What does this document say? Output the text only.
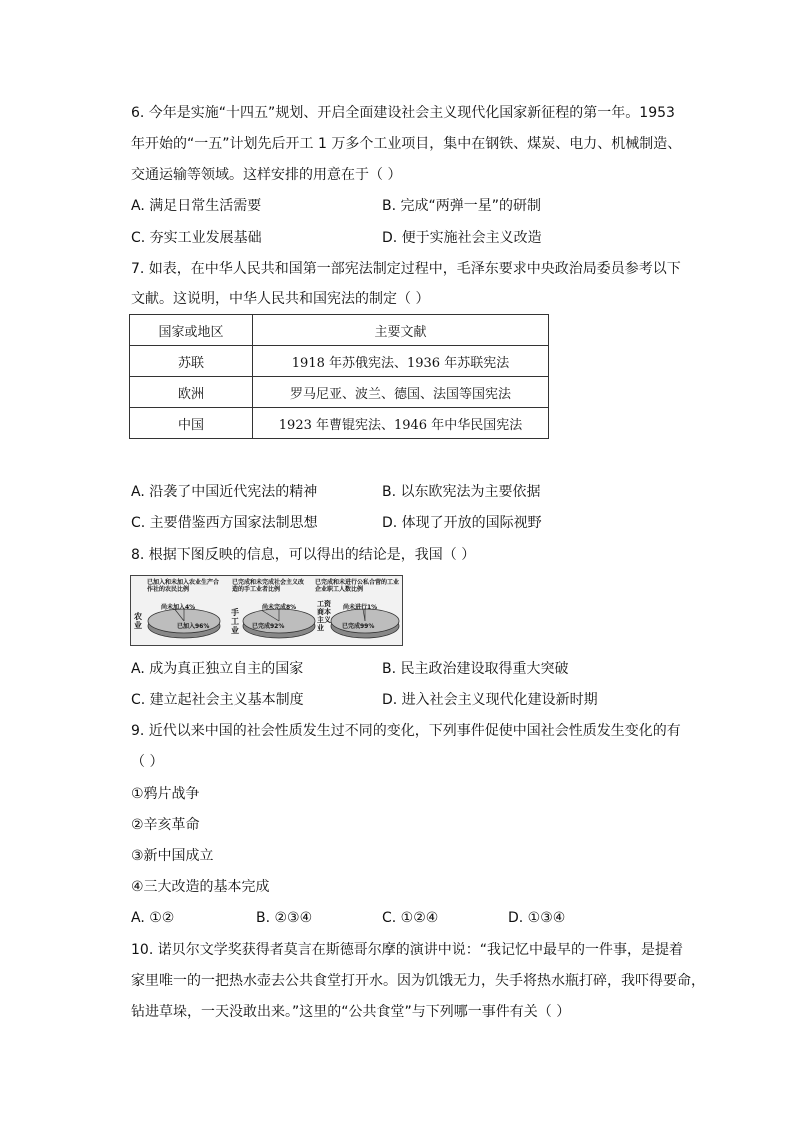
6. 今年是实施“十四五”规划、开启全面建设社会主义现代化国家新征程的第一年。1953
年开始的“一五”计划先后开工 1 万多个工业项目，集中在钢铁、煤炭、电力、机械制造、
交通运输等领域。这样安排的用意在于（ ）
A. 满足日常生活需要	B. 完成“两弹一星”的研制
C. 夯实工业发展基础	D. 便于实施社会主义改造
7. 如表，在中华人民共和国第一部宪法制定过程中，毛泽东要求中央政治局委员参考以下
文献。这说明，中华人民共和国宪法的制定（ ）
国家或地区	主要文献
苏联	1918 年苏俄宪法、1936 年苏联宪法
欧洲	罗马尼亚、波兰、德国、法国等国宪法
中国	1923 年曹锟宪法、1946 年中华民国宪法
A. 沿袭了中国近代宪法的精神	B. 以东欧宪法为主要依据
C. 主要借鉴西方国家法制思想	D. 体现了开放的国际视野
8. 根据下图反映的信息，可以得出的结论是，我国（ ）
已加入和未加入农业生产合作社的农民比例
农业
尚未加入4%
已加入96%
已完成和未完成社会主义改造的手工业者比例
手工业
尚未完成8%
已完成92%
已完成和未进行公私合营的工业企业职工人数比例
工资商本主义业
尚未进行1%
已完成99%
A. 成为真正独立自主的国家	B. 民主政治建设取得重大突破
C. 建立起社会主义基本制度	D. 进入社会主义现代化建设新时期
9. 近代以来中国的社会性质发生过不同的变化，下列事件促使中国社会性质发生变化的有
（ ）
①鸦片战争
②辛亥革命
③新中国成立
④三大改造的基本完成
A. ①②	B. ②③④	C. ①②④	D. ①③④
10. 诺贝尔文学奖获得者莫言在斯德哥尔摩的演讲中说：“我记忆中最早的一件事，是提着
家里唯一的一把热水壶去公共食堂打开水。因为饥饿无力，失手将热水瓶打碎，我吓得要命，
钻进草垛，一天没敢出来。”这里的“公共食堂”与下列哪一事件有关（ ）
